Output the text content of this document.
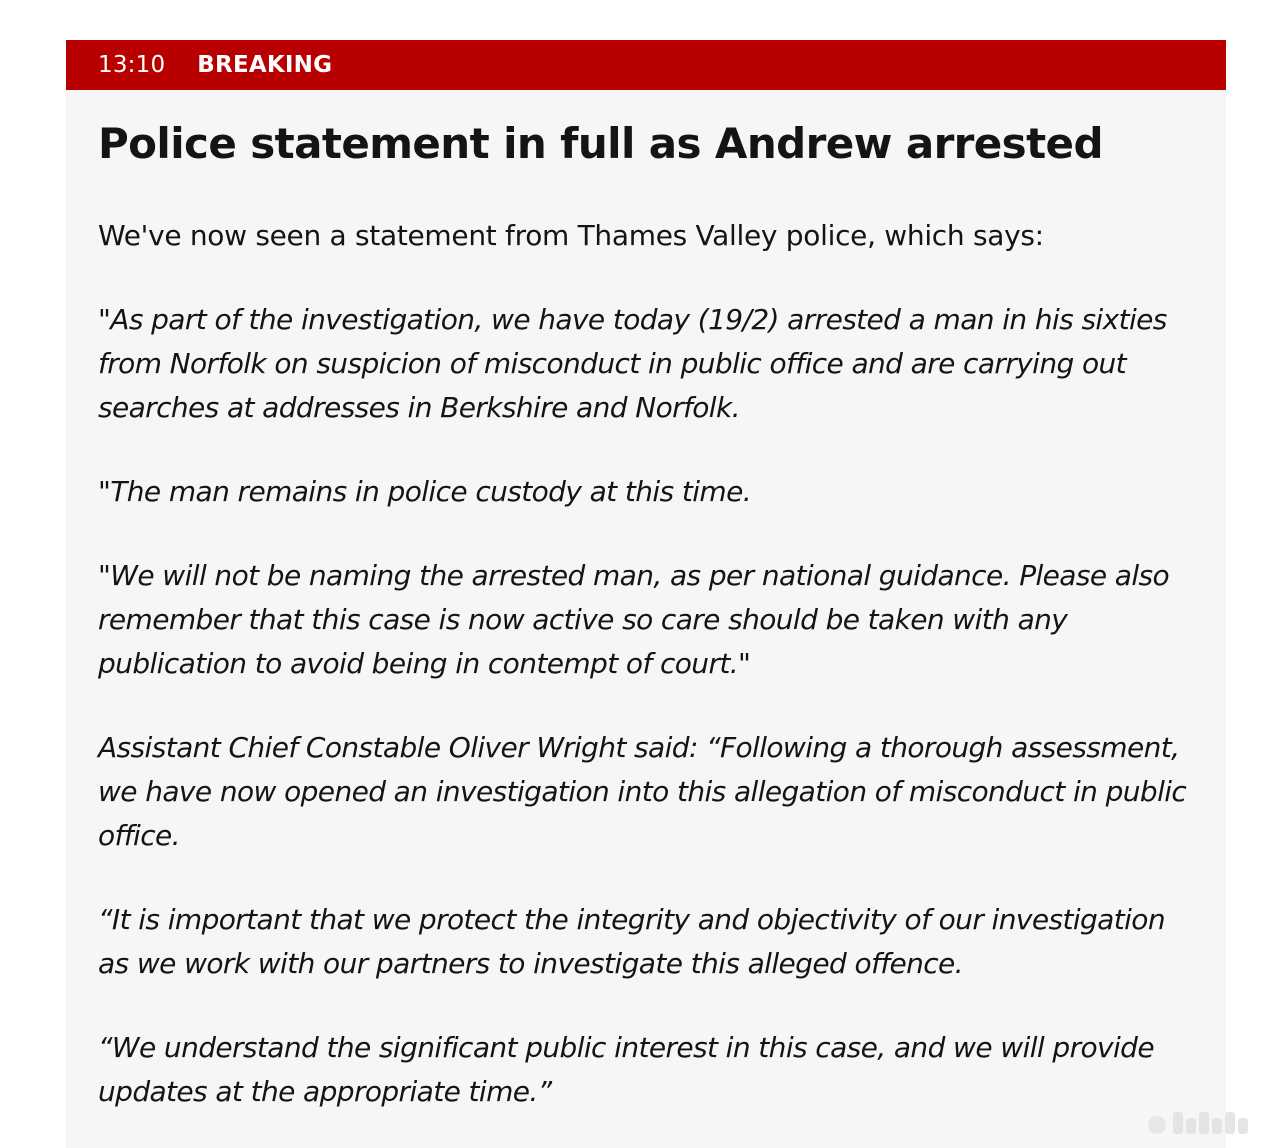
13:10 BREAKING
Police statement in full as Andrew arrested

We've now seen a statement from Thames Valley police, which says:

"As part of the investigation, we have today (19/2) arrested a man in his sixties from Norfolk on suspicion of misconduct in public office and are carrying out searches at addresses in Berkshire and Norfolk.

"The man remains in police custody at this time.

"We will not be naming the arrested man, as per national guidance. Please also remember that this case is now active so care should be taken with any publication to avoid being in contempt of court."

Assistant Chief Constable Oliver Wright said: “Following a thorough assessment, we have now opened an investigation into this allegation of misconduct in public office.

“It is important that we protect the integrity and objectivity of our investigation as we work with our partners to investigate this alleged offence.

“We understand the significant public interest in this case, and we will provide updates at the appropriate time.”
